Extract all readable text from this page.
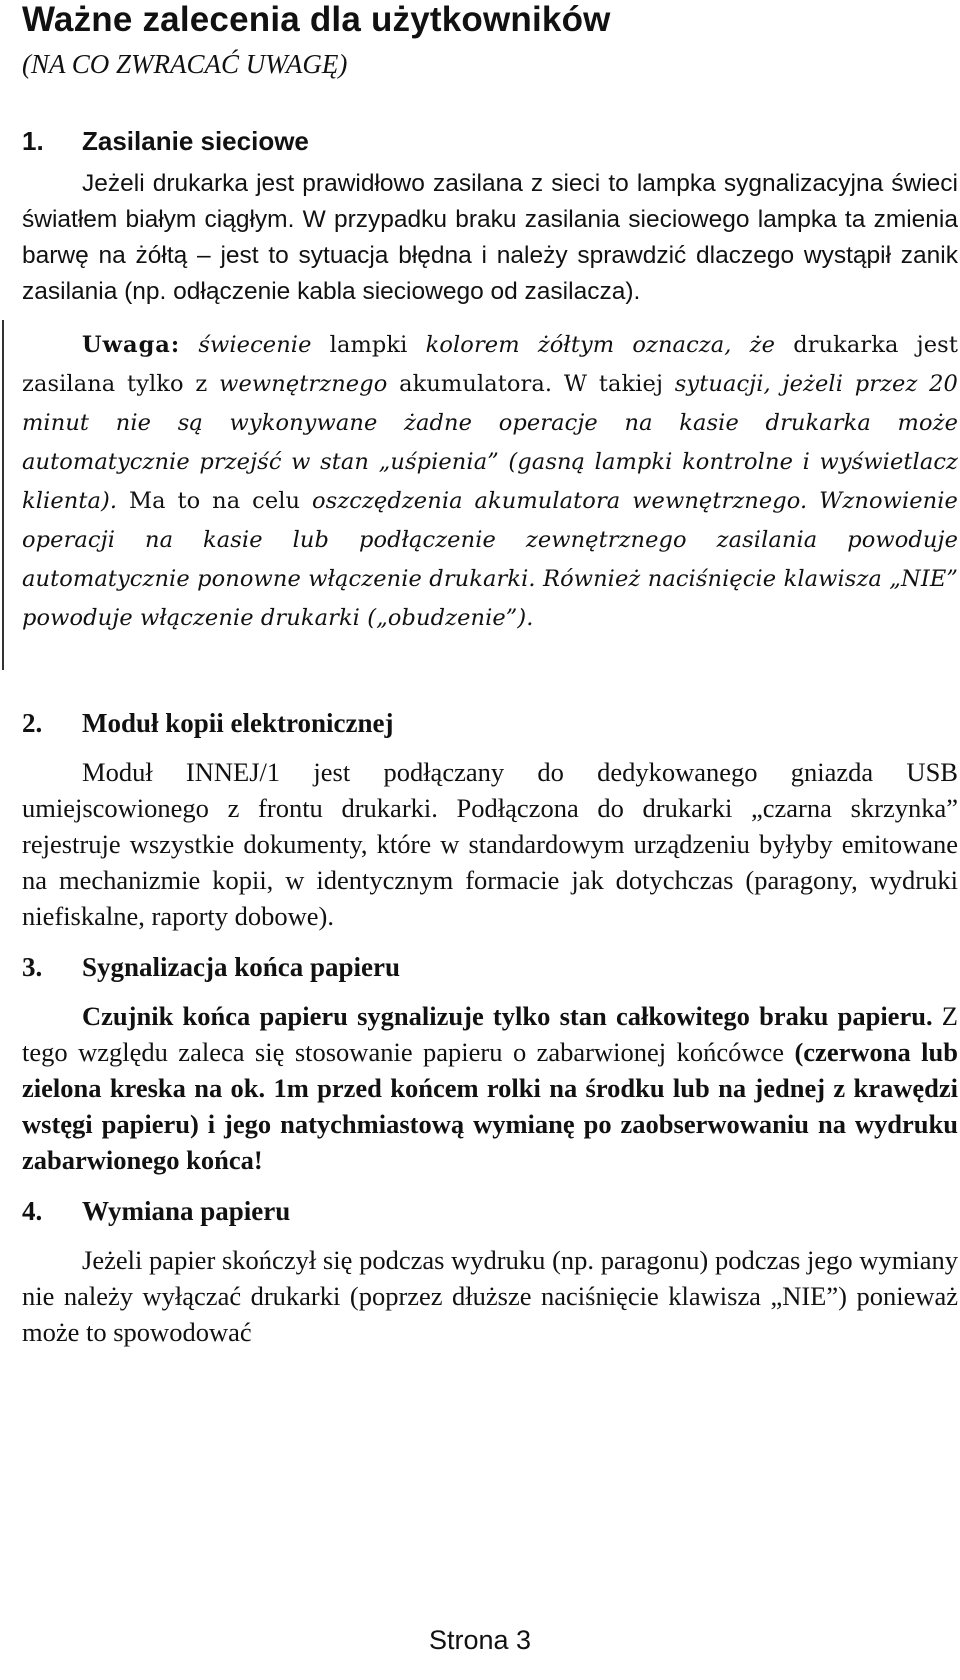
Ważne zalecenia dla użytkowników
(NA CO ZWRACAĆ UWAGĘ)
1.	Zasilanie sieciowe

Jeżeli drukarka jest prawidłowo zasilana z sieci to lampka sygnalizacyjna świeci światłem białym ciągłym. W przypadku braku zasilania sieciowego lampka ta zmienia barwę na żółtą – jest to sytuacja błędna i należy sprawdzić dlaczego wystąpił zanik zasilania (np. odłączenie kabla sieciowego od zasilacza).

Uwaga: świecenie lampki kolorem żółtym oznacza, że drukarka jest zasilana tylko z wewnętrznego akumulatora. W takiej sytuacji, jeżeli przez 20 minut nie są wykonywane żadne operacje na kasie drukarka może automatycznie przejść w stan „uśpienia” (gasną lampki kontrolne i wyświetlacz klienta). Ma to na celu oszczędzenia akumulatora wewnętrznego. Wznowienie operacji na kasie lub podłączenie zewnętrznego zasilania powoduje automatycznie ponowne włączenie drukarki. Również naciśnięcie klawisza „NIE” powoduje włączenie drukarki („obudzenie”).

2.	Moduł kopii elektronicznej

Moduł INNEJ/1 jest podłączany do dedykowanego gniazda USB umiejscowionego z frontu drukarki. Podłączona do drukarki „czarna skrzynka” rejestruje wszystkie dokumenty, które w standardowym urządzeniu byłyby emitowane na mechanizmie kopii, w identycznym formacie jak dotychczas (paragony, wydruki niefiskalne, raporty dobowe).

3.	Sygnalizacja końca papieru

Czujnik końca papieru sygnalizuje tylko stan całkowitego braku papieru. Z tego względu zaleca się stosowanie papieru o zabarwionej końcówce (czerwona lub zielona kreska na ok. 1m przed końcem rolki na środku lub na jednej z krawędzi wstęgi papieru) i jego natychmiastową wymianę po zaobserwowaniu na wydruku zabarwionego końca!

4.	Wymiana papieru

Jeżeli papier skończył się podczas wydruku (np. paragonu) podczas jego wymiany nie należy wyłączać drukarki (poprzez dłuższe naciśnięcie klawisza „NIE”) ponieważ może to spowodować

Strona 3
